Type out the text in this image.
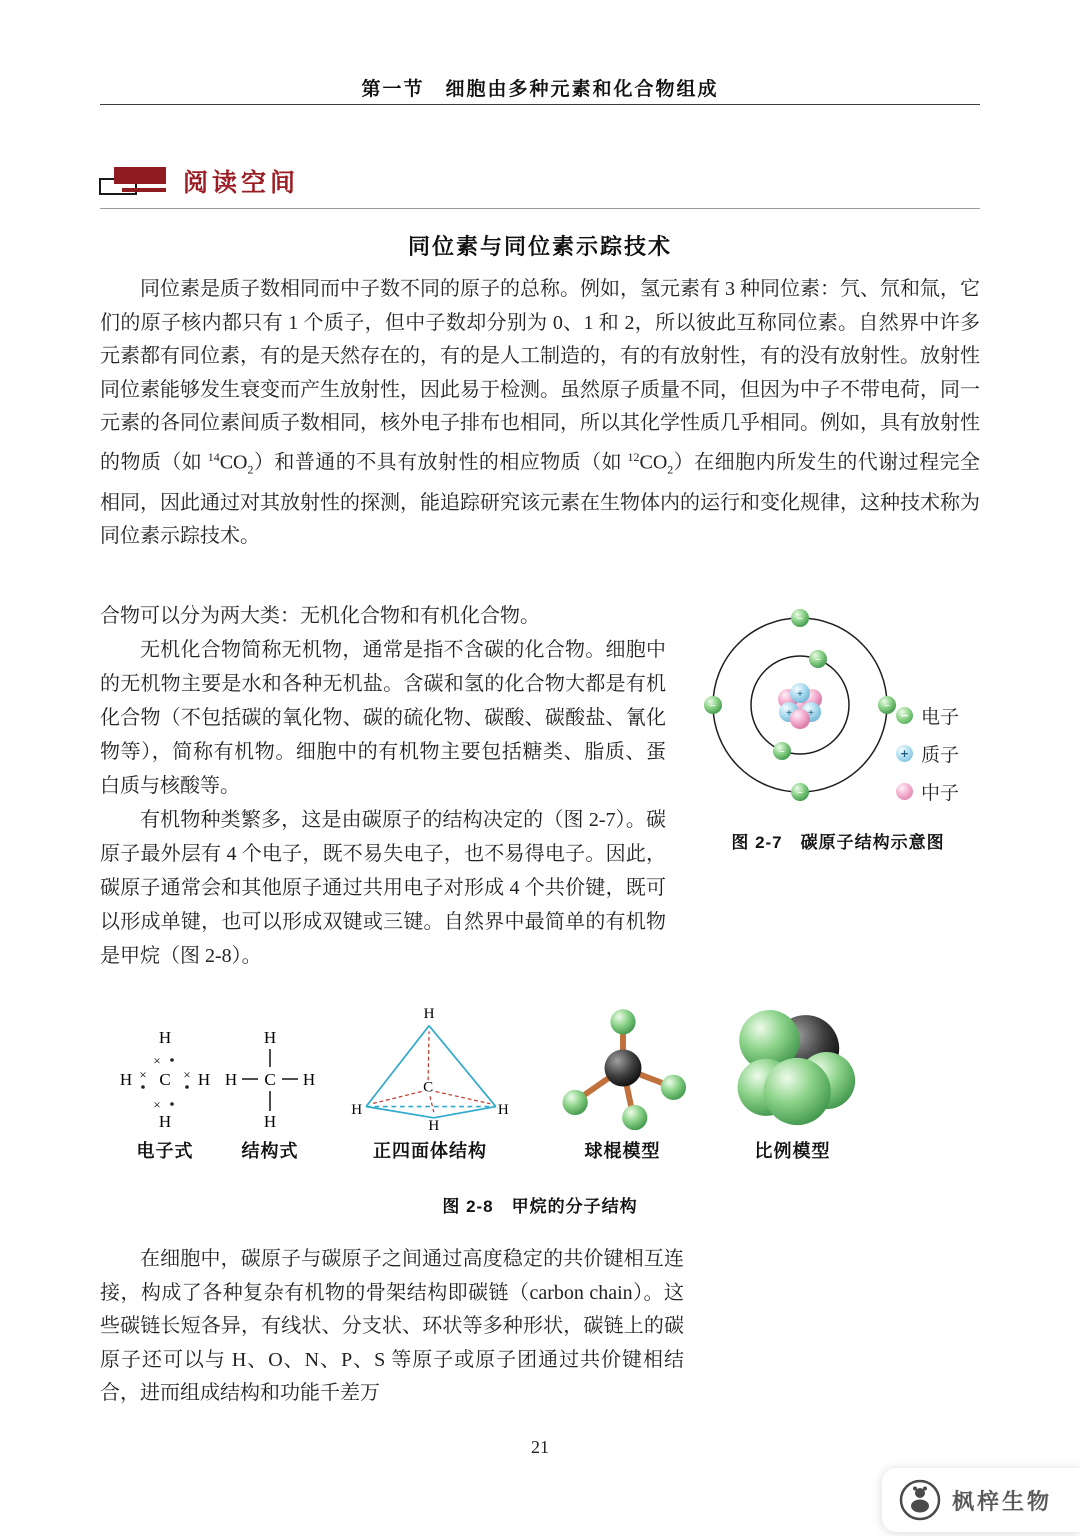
第一节　细胞由多种元素和化合物组成
阅读空间
同位素与同位素示踪技术

同位素是质子数相同而中子数不同的原子的总称。例如，氢元素有 3 种同位素：氕、氘和氚，它们的原子核内都只有 1 个质子，但中子数却分别为 0、1 和 2，所以彼此互称同位素。自然界中许多元素都有同位素，有的是天然存在的，有的是人工制造的，有的有放射性，有的没有放射性。放射性同位素能够发生衰变而产生放射性，因此易于检测。虽然原子质量不同，但因为中子不带电荷，同一元素的各同位素间质子数相同，核外电子排布也相同，所以其化学性质几乎相同。例如，具有放射性的物质（如 $^{14}CO_2$）和普通的不具有放射性的相应物质（如 $^{12}CO_2$）在细胞内所发生的代谢过程完全相同，因此通过对其放射性的探测，能追踪研究该元素在生物体内的运行和变化规律，这种技术称为同位素示踪技术。

合物可以分为两大类：无机化合物和有机化合物。

无机化合物简称无机物，通常是指不含碳的化合物。细胞中的无机物主要是水和各种无机盐。含碳和氢的化合物大都是有机化合物（不包括碳的氧化物、碳的硫化物、碳酸、碳酸盐、氰化物等），简称有机物。细胞中的有机物主要包括糖类、脂质、蛋白质与核酸等。

有机物种类繁多，这是由碳原子的结构决定的（图 2-7）。碳原子最外层有 4 个电子，既不易失电子，也不易得电子。因此，碳原子通常会和其他原子通过共用电子对形成 4 个共价键，既可以形成单键，也可以形成双键或三键。自然界中最简单的有机物是甲烷（图 2-8）。

+
+ +
−
−	−
−
−
−
− 电子
+ 质子
中子
图 2-7　碳原子结构示意图
H
H
H	H
C
×
×
×	×
电子式
H
H
H	H
C
结构式
H
H	H
H
C
正四面体结构	球棍模型	比例模型
图 2-8　甲烷的分子结构

在细胞中，碳原子与碳原子之间通过高度稳定的共价键相互连接，构成了各种复杂有机物的骨架结构即碳链（carbon chain）。这些碳链长短各异，有线状、分支状、环状等多种形状，碳链上的碳原子还可以与 H、O、N、P、S 等原子或原子团通过共价键相结合，进而组成结构和功能千差万

21
枫梓生物
